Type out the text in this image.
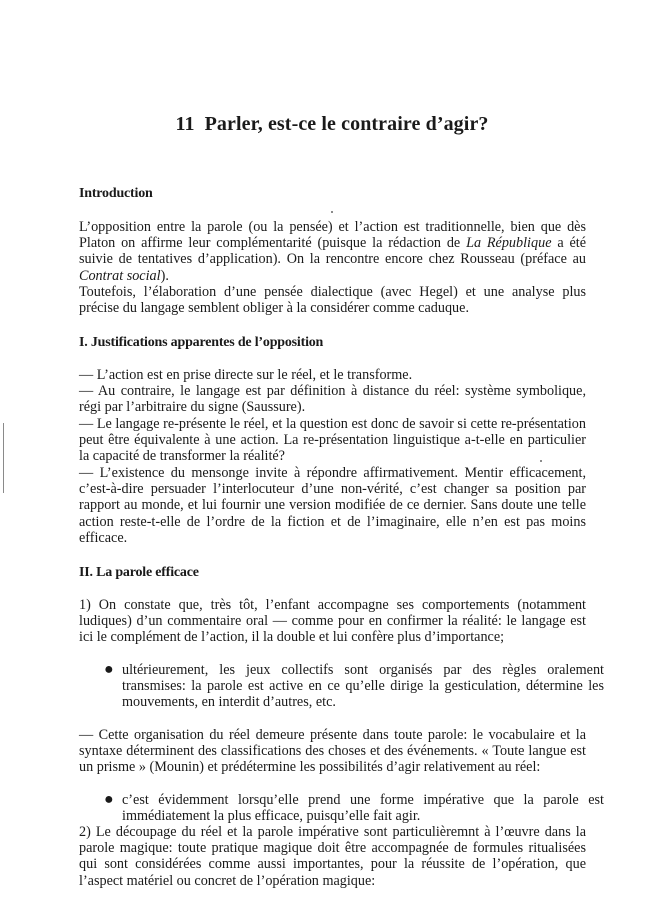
11 Parler, est-ce le contraire d’agir?
Introduction
L’opposition entre la parole (ou la pensée) et l’action est traditionnelle, bien que dès Platon on affirme leur complémentarité (puisque la rédaction de La République a été suivie de tentatives d’application). On la rencontre encore chez Rousseau (préface au Contrat social).
Toutefois, l’élaboration d’une pensée dialectique (avec Hegel) et une analyse plus précise du langage semblent obliger à la considérer comme caduque.
I. Justifications apparentes de l’opposition
— L’action est en prise directe sur le réel, et le transforme.
— Au contraire, le langage est par définition à distance du réel: système symbolique, régi par l’arbitraire du signe (Saussure).
— Le langage re-présente le réel, et la question est donc de savoir si cette re-présentation peut être équivalente à une action. La re-présentation linguistique a-t-elle en particulier la capacité de transformer la réalité?
— L’existence du mensonge invite à répondre affirmativement. Mentir efficacement, c’est-à-dire persuader l’interlocuteur d’une non-vérité, c’est changer sa position par rapport au monde, et lui fournir une version modifiée de ce dernier. Sans doute une telle action reste-t-elle de l’ordre de la fiction et de l’imaginaire, elle n’en est pas moins efficace.
II. La parole efficace
1) On constate que, très tôt, l’enfant accompagne ses comportements (notamment ludiques) d’un commentaire oral — comme pour en confirmer la réalité: le langage est ici le complément de l’action, il la double et lui confère plus d’importance;
● ultérieurement, les jeux collectifs sont organisés par des règles oralement transmises: la parole est active en ce qu’elle dirige la gesticulation, détermine les mouvements, en interdit d’autres, etc.
— Cette organisation du réel demeure présente dans toute parole: le vocabulaire et la syntaxe déterminent des classifications des choses et des événements. « Toute langue est un prisme » (Mounin) et prédétermine les possibilités d’agir relativement au réel:
● c’est évidemment lorsqu’elle prend une forme impérative que la parole est immédiatement la plus efficace, puisqu’elle fait agir.
2) Le découpage du réel et la parole impérative sont particulièremnt à l’œuvre dans la parole magique: toute pratique magique doit être accompagnée de formules ritualisées qui sont considérées comme aussi importantes, pour la réussite de l’opération, que l’aspect matériel ou concret de l’opération magique:
